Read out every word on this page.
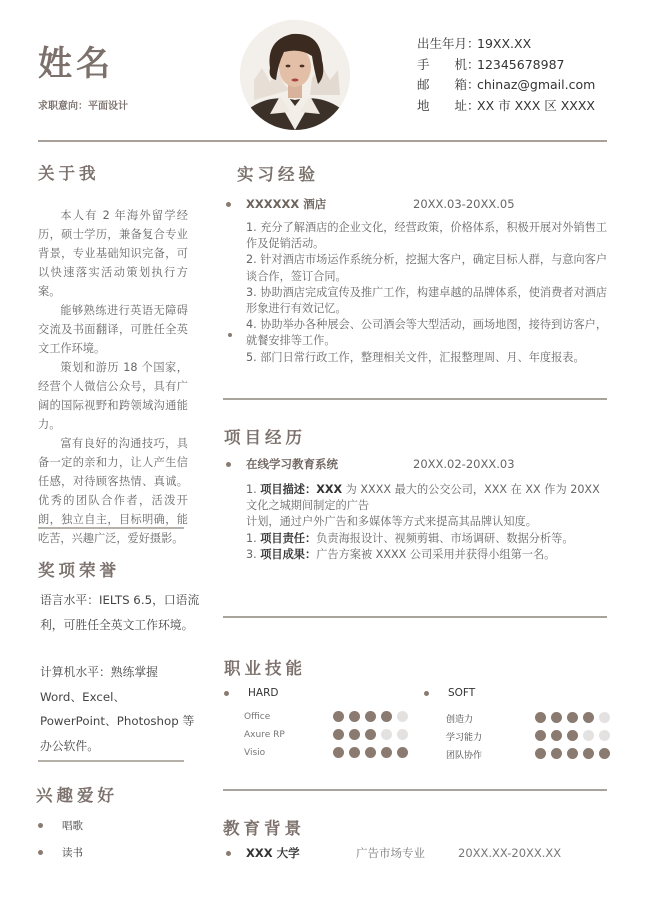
姓名
求职意向：平面设计
出生年月：
19XX.XX
手　　机：
12345678987
邮　　箱：
chinaz@gmail.com
地　　址：
XX 市 XXX 区 XXXX
关于我

本人有 2 年海外留学经历，硕士学历，兼备复合专业背景，专业基础知识完备，可以快速落实活动策划执行方案。

能够熟练进行英语无障碍交流及书面翻译，可胜任全英文工作环境。

策划和游历 18 个国家，经营个人微信公众号，具有广阔的国际视野和跨领域沟通能力。

富有良好的沟通技巧，具备一定的亲和力，让人产生信任感，对待顾客热情、真诚。优秀的团队合作者，活泼开朗，独立自主，目标明确，能吃苦，兴趣广泛，爱好摄影。

奖项荣誉
语言水平：IELTS 6.5，口语流利，可胜任全英文工作环境。
计算机水平：熟练掌握 Word、Excel、PowerPoint、Photoshop 等办公软件。
兴趣爱好
唱歌
读书
实习经验
XXXXXX 酒店	20XX.03-20XX.05
1. 充分了解酒店的企业文化，经营政策，价格体系，积极开展对外销售工作及促销活动。
2. 针对酒店市场运作系统分析，挖掘大客户，确定目标人群，与意向客户谈合作，签订合同。
3. 协助酒店完成宣传及推广工作，构建卓越的品牌体系，使消费者对酒店形象进行有效记忆。
4. 协助举办各种展会、公司酒会等大型活动，画场地图，接待到访客户，就餐安排等工作。
5. 部门日常行政工作，整理相关文件，汇报整理周、月、年度报表。
项目经历
在线学习教育系统	20XX.02-20XX.03
1. 项目描述：XXX 为 XXXX 最大的公交公司，XXX 在 XX 作为 20XX 文化之城期间制定的广告
计划，通过户外广告和多媒体等方式来提高其品牌认知度。
1. 项目责任：负责海报设计、视频剪辑、市场调研、数据分析等。
3. 项目成果：广告方案被 XXXX 公司采用并获得小组第一名。
职业技能
HARD
Office
Axure RP
Visio
SOFT
创造力
学习能力
团队协作
教育背景
XXX 大学	广告市场专业	20XX.XX-20XX.XX
